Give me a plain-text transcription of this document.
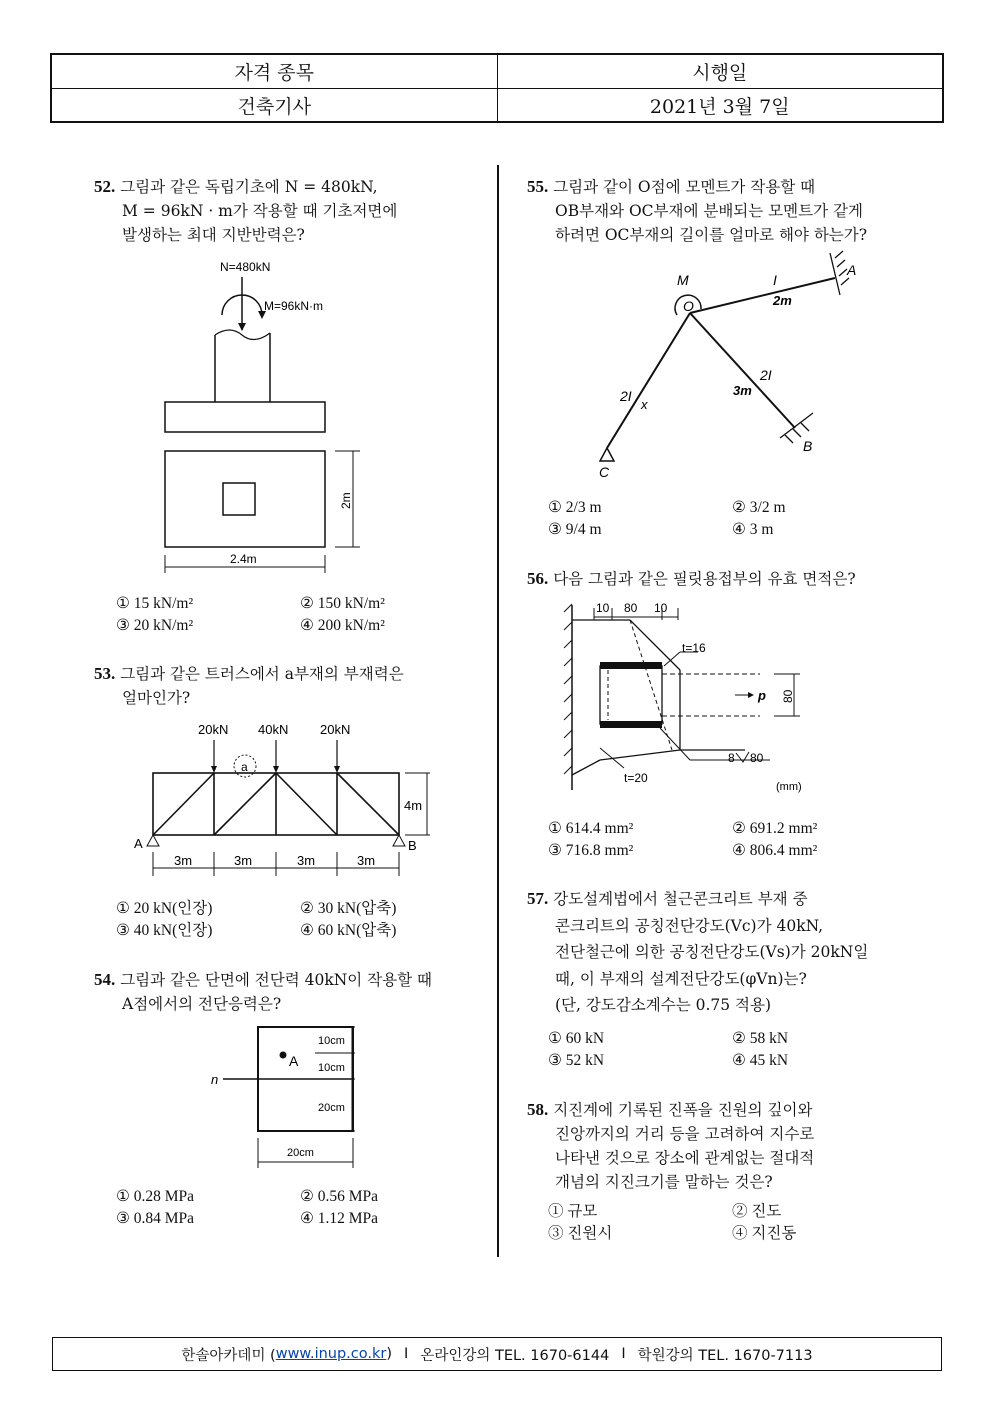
자격 종목	시행일
건축기사	2021년 3월 7일
52. 그림과 같은 독립기초에 N = 480kN,
M = 96kN · m가 작용할 때 기초저면에
발생하는 최대 지반반력은?
N=480kN
M=96kN·m
2m
2.4m
① 15 kN/m²	② 150 kN/m²
③ 20 kN/m²	④ 200 kN/m²
53. 그림과 같은 트러스에서 a부재의 부재력은
얼마인가?
20kN 40kN 20kN
a
4m
A	B
3m	3m	3m	3m
① 20 kN(인장)	② 30 kN(압축)
③ 40 kN(인장)	④ 60 kN(압축)
54. 그림과 같은 단면에 전단력 40kN이 작용할 때
A점에서의 전단응력은?
A
n
10cm
10cm
20cm
20cm
① 0.28 MPa	② 0.56 MPa
③ 0.84 MPa	④ 1.12 MPa
55. 그림과 같이 O점에 모멘트가 작용할 때
OB부재와 OC부재에 분배되는 모멘트가 같게
하려면 OC부재의 길이를 얼마로 해야 하는가?
M
O
I
2m
A
2I
3m
B
2I
x
C
① 2/3 m	② 3/2 m
③ 9/4 m	④ 3 m
56. 다음 그림과 같은 필릿용접부의 유효 면적은?
10 80 10
t=16
p 80
8 80
t=20
(mm)
① 614.4 mm²	② 691.2 mm²
③ 716.8 mm²	④ 806.4 mm²
57. 강도설계법에서 철근콘크리트 부재 중
콘크리트의 공칭전단강도(Vc)가 40kN,
전단철근에 의한 공칭전단강도(Vs)가 20kN일
때, 이 부재의 설계전단강도(φVn)는?
(단, 강도감소계수는 0.75 적용)
① 60 kN	② 58 kN
③ 52 kN	④ 45 kN
58. 지진계에 기록된 진폭을 진원의 깊이와
진앙까지의 거리 등을 고려하여 지수로
나타낸 것으로 장소에 관계없는 절대적
개념의 지진크기를 말하는 것은?
① 규모	② 진도
③ 진원시	④ 지진동
한솔아카데미 ( www.inup.co.kr ) I 온라인강의 TEL. 1670-6144 I 학원강의 TEL. 1670-7113
